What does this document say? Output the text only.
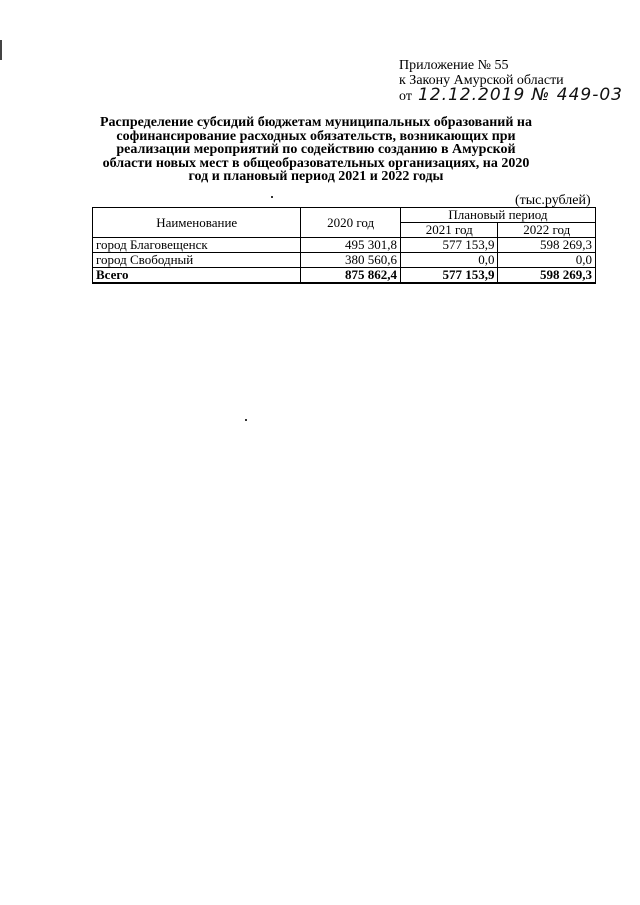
Приложение № 55
к Закону Амурской области
от 12.12.2019 № 449-03
Распределение субсидий бюджетам муниципальных образований на софинансирование расходных обязательств, возникающих при реализации мероприятий по содействию созданию в Амурской области новых мест в общеобразовательных организациях, на 2020 год и плановый период 2021 и 2022 годы
(тыс.рублей)
Наименование	2020 год	Плановый период	
		2021 год	2022 год
город Благовещенск	495 301,8	577 153,9	598 269,3
город Свободный	380 560,6	0,0	0,0
Всего	875 862,4	577 153,9	598 269,3
